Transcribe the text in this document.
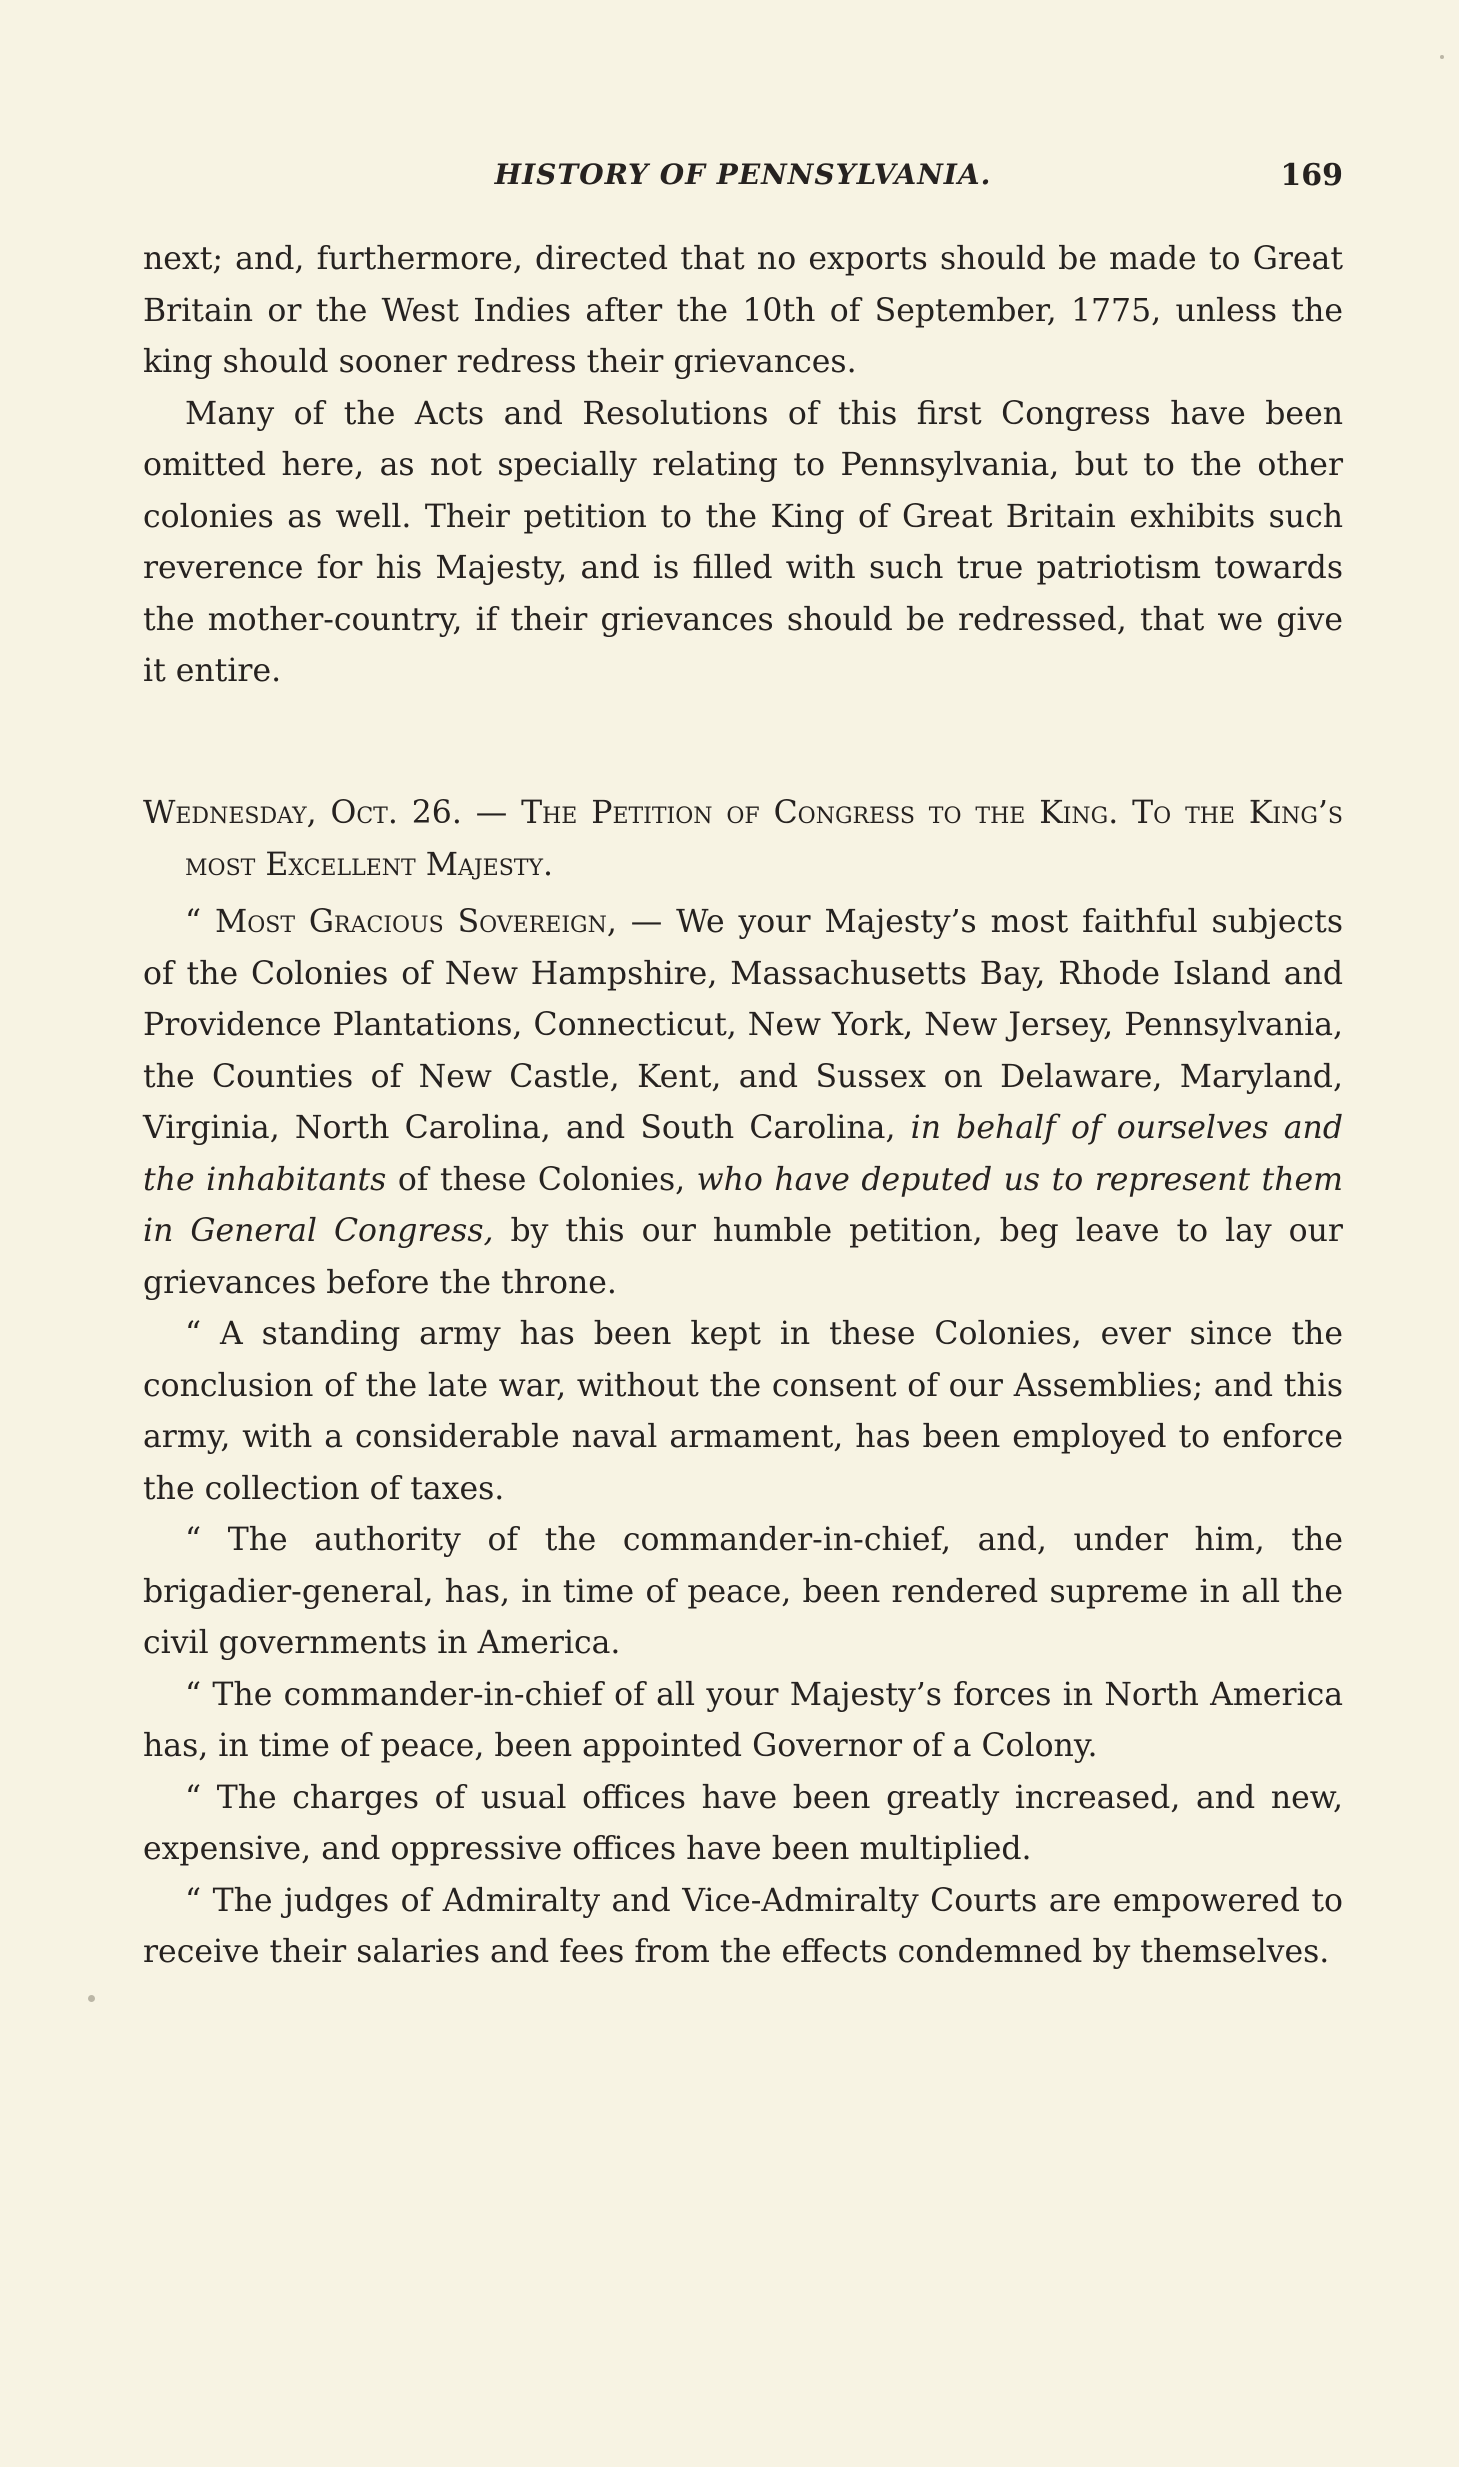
HISTORY OF PENNSYLVANIA.	169

next; and, furthermore, directed that no exports should be made to Great Britain or the West Indies after the 10th of September, 1775, unless the king should sooner redress their grievances.

Many of the Acts and Resolutions of this first Congress have been omitted here, as not specially relating to Pennsylvania, but to the other colonies as well. Their petition to the King of Great Britain exhibits such reverence for his Majesty, and is filled with such true patriotism towards the mother-country, if their grievances should be redressed, that we give it entire.

Wednesday, Oct. 26. — The Petition of Congress to the King. To the King’s most Excellent Majesty.

“ Most Gracious Sovereign, — We your Majesty’s most faithful subjects of the Colonies of New Hampshire, Massachusetts Bay, Rhode Island and Providence Plantations, Connecticut, New York, New Jersey, Pennsylvania, the Counties of New Castle, Kent, and Sussex on Delaware, Maryland, Virginia, North Carolina, and South Carolina, in behalf of ourselves and the inhabitants of these Colonies, who have deputed us to represent them in General Congress, by this our humble petition, beg leave to lay our grievances before the throne.

“ A standing army has been kept in these Colonies, ever since the conclusion of the late war, without the consent of our Assemblies; and this army, with a considerable naval armament, has been employed to enforce the collection of taxes.

“ The authority of the commander-in-chief, and, under him, the brigadier-general, has, in time of peace, been rendered supreme in all the civil governments in America.

“ The commander-in-chief of all your Majesty’s forces in North America has, in time of peace, been appointed Governor of a Colony.

“ The charges of usual offices have been greatly increased, and new, expensive, and oppressive offices have been multiplied.

“ The judges of Admiralty and Vice-Admiralty Courts are empowered to receive their salaries and fees from the effects condemned by themselves.
